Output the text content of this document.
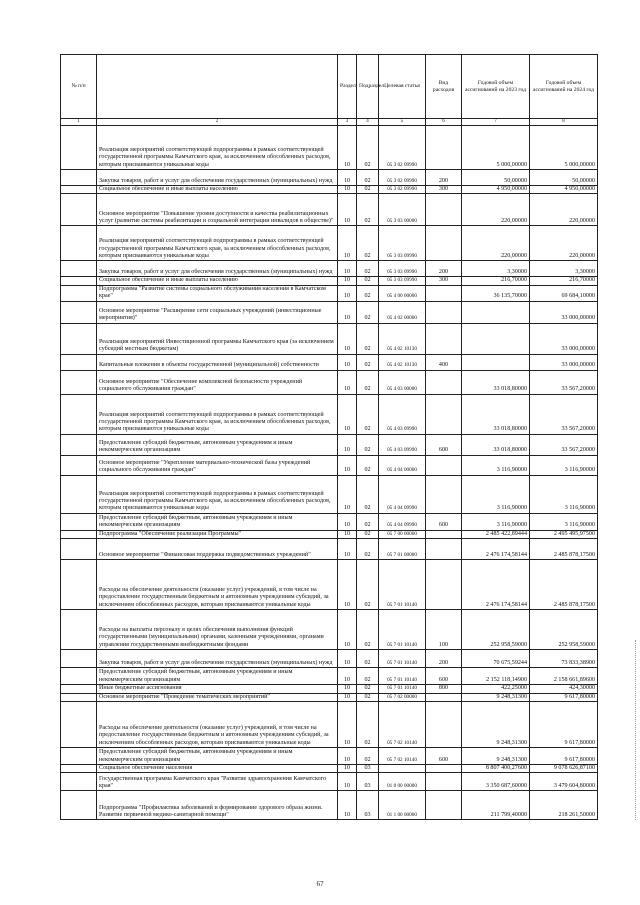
№ п/п		Раздел	Подраздел	Целевая статья	Вид расходов	Годовой объем ассигнований на 2023 год	Годовой объем ассигнований на 2024 год
1	2	3	4	5	6	7	8
	Реализация мероприятий соответствующей подпрограммы в рамках соответствующей государственной программы Камчатского края, за исключением обособленных расходов, которым присваиваются уникальные коды	10	02	05 3 02 09990		5 000,00000	5 000,00000
	Закупка товаров, работ и услуг для обеспечения государственных (муниципальных) нужд	10	02	05 3 02 09990	200	50,00000	50,00000
	Социальное обеспечение и иные выплаты населению	10	02	05 3 02 09990	300	4 950,00000	4 950,00000
	Основное мероприятие "Повышение уровня доступности и качества реабилитационных услуг (развитие системы реабилитации и социальной интеграции инвалидов в обществе)"	10	02	05 3 03 00000		220,00000	220,00000
	Реализация мероприятий соответствующей подпрограммы в рамках соответствующей государственной программы Камчатского края, за исключением обособленных расходов, которым присваиваются уникальные коды	10	02	05 3 03 09990		220,00000	220,00000
	Закупка товаров, работ и услуг для обеспечения государственных (муниципальных) нужд	10	02	05 3 03 09990	200	3,30000	3,30000
	Социальное обеспечение и иные выплаты населению	10	02	05 3 03 09990	300	216,70000	216,70000
	Подпрограмма "Развитие системы социального обслуживания населения в Камчатском крае"	10	02	05 4 00 00000		36 135,70000	69 684,10000
	Основное мероприятие "Расширение сети социальных учреждений (инвестиционные мероприятия)"	10	02	05 4 02 00000			33 000,00000
	Реализация мероприятий Инвестиционной программы Камчатского края (за исключением субсидий местным бюджетам)	10	02	05 4 02 10130			33 000,00000
	Капитальные вложения в объекты государственной (муниципальной) собственности	10	02	05 4 02 10130	400		33 000,00000
	Основное мероприятие "Обеспечение комплексной безопасности учреждений социального обслуживания граждан"	10	02	05 4 03 00000		33 018,80000	33 567,20000
	Реализация мероприятий соответствующей подпрограммы в рамках соответствующей государственной программы Камчатского края, за исключением обособленных расходов, которым присваиваются уникальные коды	10	02	05 4 03 09990		33 018,80000	33 567,20000
	Предоставление субсидий бюджетным, автономным учреждениям и иным некоммерческим организациям	10	02	05 4 03 09990	600	33 018,80000	33 567,20000
	Основное мероприятие "Укрепление материально-технической базы учреждений социального обслуживания граждан"	10	02	05 4 04 00000		3 116,90000	3 116,90000
	Реализация мероприятий соответствующей подпрограммы в рамках соответствующей государственной программы Камчатского края, за исключением обособленных расходов, которым присваиваются уникальные коды	10	02	05 4 04 09990		3 116,90000	3 116,90000
	Предоставление субсидий бюджетным, автономным учреждениям и иным некоммерческим организациям	10	02	05 4 04 09990	600	3 116,90000	3 116,90000
	Подпрограмма "Обеспечение реализации Программы"	10	02	05 7 00 00000		2 485 422,89444	2 495 495,97500
	Основное мероприятие "Финансовая поддержка подведомственных учреждений"	10	02	05 7 01 00000		2 476 174,58144	2 485 878,17500
	Расходы на обеспечение деятельности (оказание услуг) учреждений, в том числе на предоставление государственным бюджетным и автономным учреждениям субсидий, за исключением обособленных расходов, которым присваиваются уникальные коды	10	02	05 7 01 10140		2 476 174,58144	2 485 878,17500
	Расходы на выплаты персоналу в целях обеспечения выполнения функций государственными (муниципальными) органами, казенными учреждениями, органами управления государственными внебюджетными фондами	10	02	05 7 01 10140	100	252 958,59000	252 958,59000
	Закупка товаров, работ и услуг для обеспечения государственных (муниципальных) нужд	10	02	05 7 01 10140	200	70 675,59244	73 833,38900
	Предоставление субсидий бюджетным, автономным учреждениям и иным некоммерческим организациям	10	02	05 7 01 10140	600	2 152 118,14900	2 158 661,89600
	Иные бюджетные ассигнования	10	02	05 7 01 10140	800	422,25000	424,30000
	Основное мероприятие "Проведение тематических мероприятий"	10	02	05 7 02 00000		9 248,31300	9 617,80000
	Расходы на обеспечение деятельности (оказание услуг) учреждений, в том числе на предоставление государственным бюджетным и автономным учреждениям субсидий, за исключением обособленных расходов, которым присваиваются уникальные коды	10	02	05 7 02 10140		9 248,31300	9 617,80000
	Предоставление субсидий бюджетным, автономным учреждениям и иным некоммерческим организациям	10	02	05 7 02 10140	600	9 248,31300	9 617,80000
	Социальное обеспечение населения	10	03			8 807 400,27600	9 078 626,87100
	Государственная программа Камчатского края "Развитие здравоохранения Камчатского края"	10	03	01 0 00 00000		3 350 687,60000	3 479 604,80000
	Подпрограмма "Профилактика заболеваний и формирование здорового образа жизни. Развитие первичной медико-санитарной помощи"	10	03	01 1 00 00000		211 799,40000	218 261,50000
67
